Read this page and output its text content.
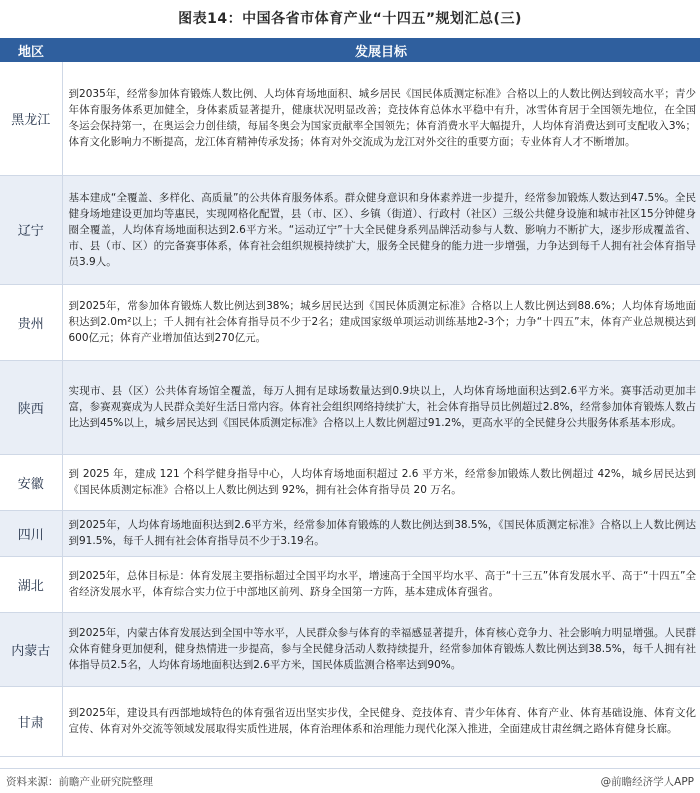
图表14：中国各省市体育产业“十四五”规划汇总(三)
地区	发展目标
黑龙江	到2035年，经常参加体育锻炼人数比例、人均体育场地面积、城乡居民《国民体质测定标准》合格以上的人数比例达到较高水平；青少年体育服务体系更加健全，身体素质显著提升，健康状况明显改善；竞技体育总体水平稳中有升，冰雪体育居于全国领先地位，在全国冬运会保持第一，在奥运会力创佳绩，每届冬奥会为国家贡献率全国领先；体育消费水平大幅提升，人均体育消费达到可支配收入3%；体育文化影响力不断提高，龙江体育精神传承发扬；体育对外交流成为龙江对外交往的重要方面；专业体育人才不断增加。
辽宁	基本建成“全覆盖、多样化、高质量”的公共体育服务体系。群众健身意识和身体素养进一步提升，经常参加锻炼人数达到47.5%。全民健身场地建设更加均等惠民，实现网格化配置，县（市、区）、乡镇（街道）、行政村（社区）三级公共健身设施和城市社区15分钟健身圈全覆盖，人均体育场地面积达到2.6平方米。“运动辽宁”十大全民健身系列品牌活动参与人数、影响力不断扩大，逐步形成覆盖省、市、县（市、区）的完备赛事体系，体育社会组织规模持续扩大，服务全民健身的能力进一步增强，力争达到每千人拥有社会体育指导员3.9人。
贵州	到2025年，常参加体育锻炼人数比例达到38%；城乡居民达到《国民体质测定标准》合格以上人数比例达到88.6%；人均体育场地面积达到2.0m²以上；千人拥有社会体育指导员不少于2名；建成国家级单项运动训练基地2-3个；力争“十四五”末，体育产业总规模达到600亿元；体育产业增加值达到270亿元。
陕西	实现市、县（区）公共体育场馆全覆盖，每万人拥有足球场数量达到0.9块以上，人均体育场地面积达到2.6平方米。赛事活动更加丰富，参赛观赛成为人民群众美好生活日常内容。体育社会组织网络持续扩大，社会体育指导员比例超过2.8%，经常参加体育锻炼人数占比达到45%以上，城乡居民达到《国民体质测定标准》合格以上人数比例超过91.2%，更高水平的全民健身公共服务体系基本形成。
安徽	到 2025 年，建成 121 个科学健身指导中心，人均体育场地面积超过 2.6 平方米，经常参加锻炼人数比例超过 42%，城乡居民达到《国民体质测定标准》合格以上人数比例达到 92%，拥有社会体育指导员 20 万名。
四川	到2025年，人均体育场地面积达到2.6平方米，经常参加体育锻炼的人数比例达到38.5%，《国民体质测定标准》合格以上人数比例达到91.5%，每千人拥有社会体育指导员不少于3.19名。
湖北	到2025年，总体目标是：体育发展主要指标超过全国平均水平，增速高于全国平均水平、高于“十三五”体育发展水平、高于“十四五”全省经济发展水平，体育综合实力位于中部地区前列、跻身全国第一方阵，基本建成体育强省。
内蒙古	到2025年，内蒙古体育发展达到全国中等水平，人民群众参与体育的幸福感显著提升，体育核心竞争力、社会影响力明显增强。人民群众体育健身更加便利，健身热情进一步提高，参与全民健身活动人数持续提升，经常参加体育锻炼人数比例达到38.5%，每千人拥有社体指导员2.5名，人均体育场地面积达到2.6平方米，国民体质监测合格率达到90%。
甘肃	到2025年，建设具有西部地域特色的体育强省迈出坚实步伐，全民健身、竞技体育、青少年体育、体育产业、体育基础设施、体育文化宣传、体育对外交流等领域发展取得实质性进展，体育治理体系和治理能力现代化深入推进，全面建成甘肃丝绸之路体育健身长廊。
资料来源：前瞻产业研究院整理	@前瞻经济学人APP
